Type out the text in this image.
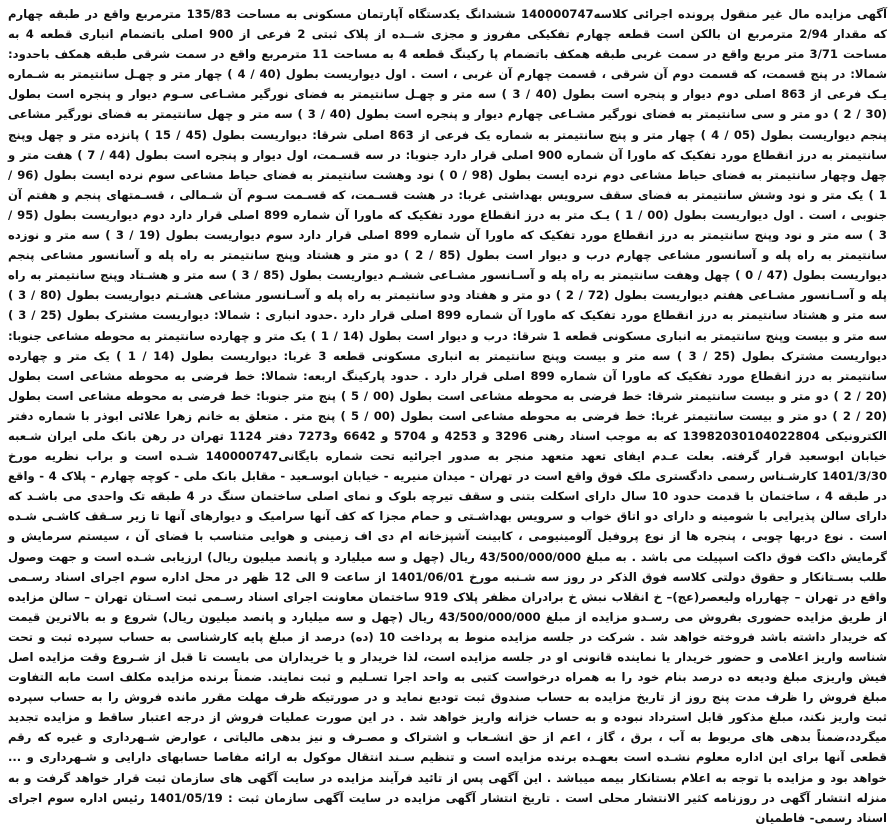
آگهی مزایده مال غیر منقول پرونده اجرائی کلاسه140000747 ششدانگ یکدستگاه آپارتمان مسکونی به مساحت 135/83 مترمربع واقع در طبقه چهارم که مقدار 2/94 مترمربع ان بالکن است قطعه چهارم تفکیکی مفروز و مجزی شــده از پلاک ثبتی 2 فرعی از 900 اصلی باتضمام انباری قطعه 4 به مساحت 3/71 متر مربع واقع در سمت غربی طبقه همکف باتضمام پا رکینگ قطعه 4 به مساحت 11 مترمربع واقع در سمت شرقی طبقه همکف باحدود: شمالا: در پنج قسمت، که قسمت دوم آن شرقی ، قسمت چهارم آن غربی ، است . اول دیواریست بطول (40 / 4 ) چهار متر و چهـل سانتیمتر به شـماره یـک فرعی از 863 اصلی دوم دیوار و پنجره است بطول (40 / 3 ) سه متر و چهـل سانتیمتر به فضای نورگیر مشـاعی سـوم دیوار و پنجره است بطول (30 / 2 ) دو متر و سی سانتیمتر به فضای نورگیر مشـاعی چهارم دیوار و پنجره است بطول (40 / 3 ) سه متر و چهل سانتیمتر به فضای نورگیر مشاعی پنجم دیواریست بطول (05 / 4 ) چهار متر و پنج سانتیمتر به شماره یک فرعی از 863 اصلی شرقا: دیواریست بطول (45 / 15 ) پانزده متر و چهل وپنج سانتیمتر به درز انقطاع مورد تفکیک که ماورا آن شماره 900 اصلی قرار دارد جنوبا: در سه قسـمت، اول دیوار و پنجره است بطول (44 / 7 ) هفت متر و چهل وچهار سانتیمتر به فضای حیاط مشاعی دوم نرده ایست بطول (98 / 0 ) نود وهشت سانتیمتر به فضای حیاط مشاعی سوم نرده ایست بطول (96 / 1 ) یک متر و نود وشش سانتیمتر به فضای سقف سرویس بهداشتی غربا: در هشت قسـمت، که قسـمت سـوم آن شـمالی ، قسـمتهای پنجم و هفتم آن جنوبی ، است . اول دیواریست بطول (00 / 1 ) یـک متر به درز انقطاع مورد تفکیک که ماورا آن شماره 899 اصلی قرار دارد دوم دیواریست بطول (95 / 3 ) سه متر و نود وپنج سانتیمتر به درز انقطاع مورد تفکیک که ماورا آن شماره 899 اصلی قرار دارد سوم دیواریست بطول (19 / 3 ) سه متر و نوزده سانتیمتر به راه پله و آسانسور مشاعی چهارم درب و دیوار است بطول (85 / 2 ) دو متر و هشتاد وپنج سانتیمتر به راه پله و آسانسور مشاعی پنجم دیواریست بطول (47 / 0 ) چهل وهفت سانتیمتر به راه پله و آسـانسور مشـاعی ششـم دیواریست بطول (85 / 3 ) سه متر و هشـتاد وپنج سانتیمتر به راه پله و آسـانسور مشـاعی هفتم دیواریست بطول (72 / 2 ) دو متر و هفتاد ودو سانتیمتر به راه پله و آسـانسور مشاعی هشـتم دیواریست بطول (80 / 3 ) سه متر و هشتاد سانتیمتر به درز انقطاع مورد تفکیک که ماورا آن شماره 899 اصلی قرار دارد .حدود انباری : شمالا: دیواریست مشترک بطول (25 / 3 ) سه متر و بیست وپنج سانتیمتر به انباری مسکونی قطعه 1 شرقا: درب و دیوار است بطول (14 / 1 ) یک متر و چهارده سانتیمتر به محوطه مشاعی جنوبا: دیواریست مشترک بطول (25 / 3 ) سه متر و بیست وپنج سانتیمتر به انباری مسکونی قطعه 3 غربا: دیواریست بطول (14 / 1 ) یک متر و چهارده سانتیمتر به درز انقطاع مورد تفکیک که ماورا آن شماره 899 اصلی قرار دارد . حدود پارکینگ اربعه: شمالا: خط فرضی به محوطه مشاعی است بطول (20 / 2 ) دو متر و بیست سانتیمتر شرقا: خط فرضی به محوطه مشاعی است بطول (00 / 5 ) پنج متر جنوبا: خط فرضی به محوطه مشاعی است بطول (20 / 2 ) دو متر و بیست سانتیمتر غربا: خط فرضی به محوطه مشاعی است بطول (00 / 5 ) پنج متر . متعلق به خانم زهرا علائی ابوذر با شماره دفتر الکترونیکی 13982030104022804 که به موجب اسناد رهنی 3296 و 4253 و 5704 و 6642 و7273 دفتر 1124 تهران در رهن بانک ملی ایران شـعبه خیابان ابوسعید قرار گرفته. بعلت عـدم ایفای تعهد متعهد منجر به صدور اجرائیه تحت شماره بایگانی140000747 شـده است و براب نظریه مورخ 1401/3/30 کارشـناس رسمی دادگستری ملک فوق واقع است در تهران - میدان منیریه - خیابان ابوسـعید - مقابل بانک ملی - کوچه چهارم - پلاک 4 - واقع در طبقه 4 ، ساختمان با قدمت حدود 10 سال دارای اسکلت بتنی و سقف تیرچه بلوک و نمای اصلی ساختمان سنگ در 4 طبقه تک واحدی می باشـد که دارای سالن پذیرایی با شومینه و دارای دو اتاق خواب و سرویس بهداشـتی و حمام مجزا که کف آنها سرامیک و دیوارهای آنها تا زیر سـقف کاشـی شـده است . نوع دربها چوبی ، پنجره ها از نوع پروفیل آلومینیومی ، کابینت آشپزخانه ام دی اف زمینی و هوایی متناسب با فضای آن ، سیستم سرمایش و گرمایش داکت فوق داکت اسپیلت می باشد . به مبلغ 43/500/000/000 ریال (چهل و سه میلیارد و پانصد میلیون ریال) ارزیابی شـده است و جهت وصول طلب بسـتانکار و حقوق دولتی کلاسه فوق الذکر در روز سه شـنبه مورخ 1401/06/01 از ساعت 9 الی 12 ظهر در محل اداره سوم اجرای اسناد رسـمی واقع در تهران – چهارراه ولیعصر(عج)– خ انقلاب نبش خ برادران مظفر پلاک 919 ساختمان معاونت اجرای اسناد رسـمی ثبت اسـتان تهران – سالن مزایده از طریق مزایده حضوری بفروش می رسـدو مزایده از مبلغ 43/500/000/000 ریال (چهل و سه میلیارد و پانصد میلیون ریال) شروع و به بالاترین قیمت که خریدار داشته باشد فروخته خواهد شد . شرکت در جلسه مزایده منوط به پرداخت 10 (ده) درصد از مبلغ پایه کارشناسی به حساب سپرده ثبت و تحت شناسه واریز اعلامی و حضور خریدار یا نماینده قانونی او در جلسه مزایده است، لذا خریدار و یا خریداران می بایست تا قبل از شـروع وقت مزایده اصل فیش واریزی مبلغ ودیعه ده درصد بنام خود را به همراه درخواست کتبی به واحد اجرا تسـلیم و ثبت نمایند. ضمناً برنده مزایده مکلف است مابه التفاوت مبلغ فروش را ظرف مدت پنج روز از تاریخ مزایده به حساب صندوق ثبت تودیع نماید و در صورتیکه ظرف مهلت مقرر مانده فروش را به حساب سپرده ثبت واریز نکند، مبلغ مذکور قابل استرداد نبوده و به حساب خزانه واریز خواهد شد . در این صورت عملیات فروش از درجه اعتبار ساقط و مزایده تجدید میگردد،ضمناً بدهی های مربوط به آب ، برق ، گاز ، اعم از حق انشـعاب و اشتراک و مصـرف و نیز بدهی مالیاتی ، عوارض شـهرداری و غیره که رقم قطعی آنها برای این اداره معلوم نشـده است بعهـده برنده مزایده است و تنظیم سـند انتقال موکول به ارائه مفاصا حسابهای دارایی و شـهرداری و ... خواهد بود و مزایده با توجه به اعلام بستانکار بیمه میباشد . این آگهی پس از تائید فرآیند مزایده در سایت آگهی های سازمان ثبت قرار خواهد گرفت و به منزله انتشار آگهی در روزنامه کثیر الانتشار محلی است . تاریخ انتشار آگهی مزایده در سایت آگهی سازمان ثبت : 1401/05/19 رئیس اداره سوم اجرای اسناد رسمی- فاطمیان
